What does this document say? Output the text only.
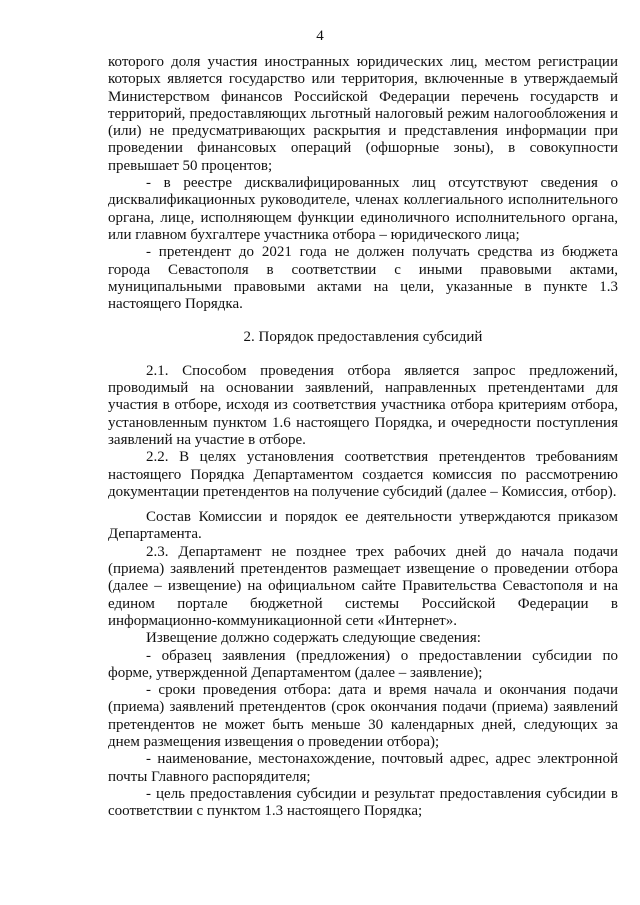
4

которого доля участия иностранных юридических лиц, местом регистрации которых является государство или территория, включенные в утверждаемый Министерством финансов Российской Федерации перечень государств и территорий, предоставляющих льготный налоговый режим налогообложения и (или) не предусматривающих раскрытия и представления информации при проведении финансовых операций (офшорные зоны), в совокупности превышает 50 процентов;

- в реестре дисквалифицированных лиц отсутствуют сведения о дисквалификационных руководителе, членах коллегиального исполнительного органа, лице, исполняющем функции единоличного исполнительного органа, или главном бухгалтере участника отбора – юридического лица;

- претендент до 2021 года не должен получать средства из бюджета города Севастополя в соответствии с иными правовыми актами, муниципальными правовыми актами на цели, указанные в пункте 1.3 настоящего Порядка.

2. Порядок предоставления субсидий

2.1. Способом проведения отбора является запрос предложений, проводимый на основании заявлений, направленных претендентами для участия в отборе, исходя из соответствия участника отбора критериям отбора, установленным пунктом 1.6 настоящего Порядка, и очередности поступления заявлений на участие в отборе.

2.2. В целях установления соответствия претендентов требованиям настоящего Порядка Департаментом создается комиссия по рассмотрению документации претендентов на получение субсидий (далее – Комиссия, отбор).

Состав Комиссии и порядок ее деятельности утверждаются приказом Департамента.

2.3. Департамент не позднее трех рабочих дней до начала подачи (приема) заявлений претендентов размещает извещение о проведении отбора (далее – извещение) на официальном сайте Правительства Севастополя и на едином портале бюджетной системы Российской Федерации в информационно-коммуникационной сети «Интернет».

Извещение должно содержать следующие сведения:

- образец заявления (предложения) о предоставлении субсидии по форме, утвержденной Департаментом (далее – заявление);

- сроки проведения отбора: дата и время начала и окончания подачи (приема) заявлений претендентов (срок окончания подачи (приема) заявлений претендентов не может быть меньше 30 календарных дней, следующих за днем размещения извещения о проведении отбора);

- наименование, местонахождение, почтовый адрес, адрес электронной почты Главного распорядителя;

- цель предоставления субсидии и результат предоставления субсидии в соответствии с пунктом 1.3 настоящего Порядка;
